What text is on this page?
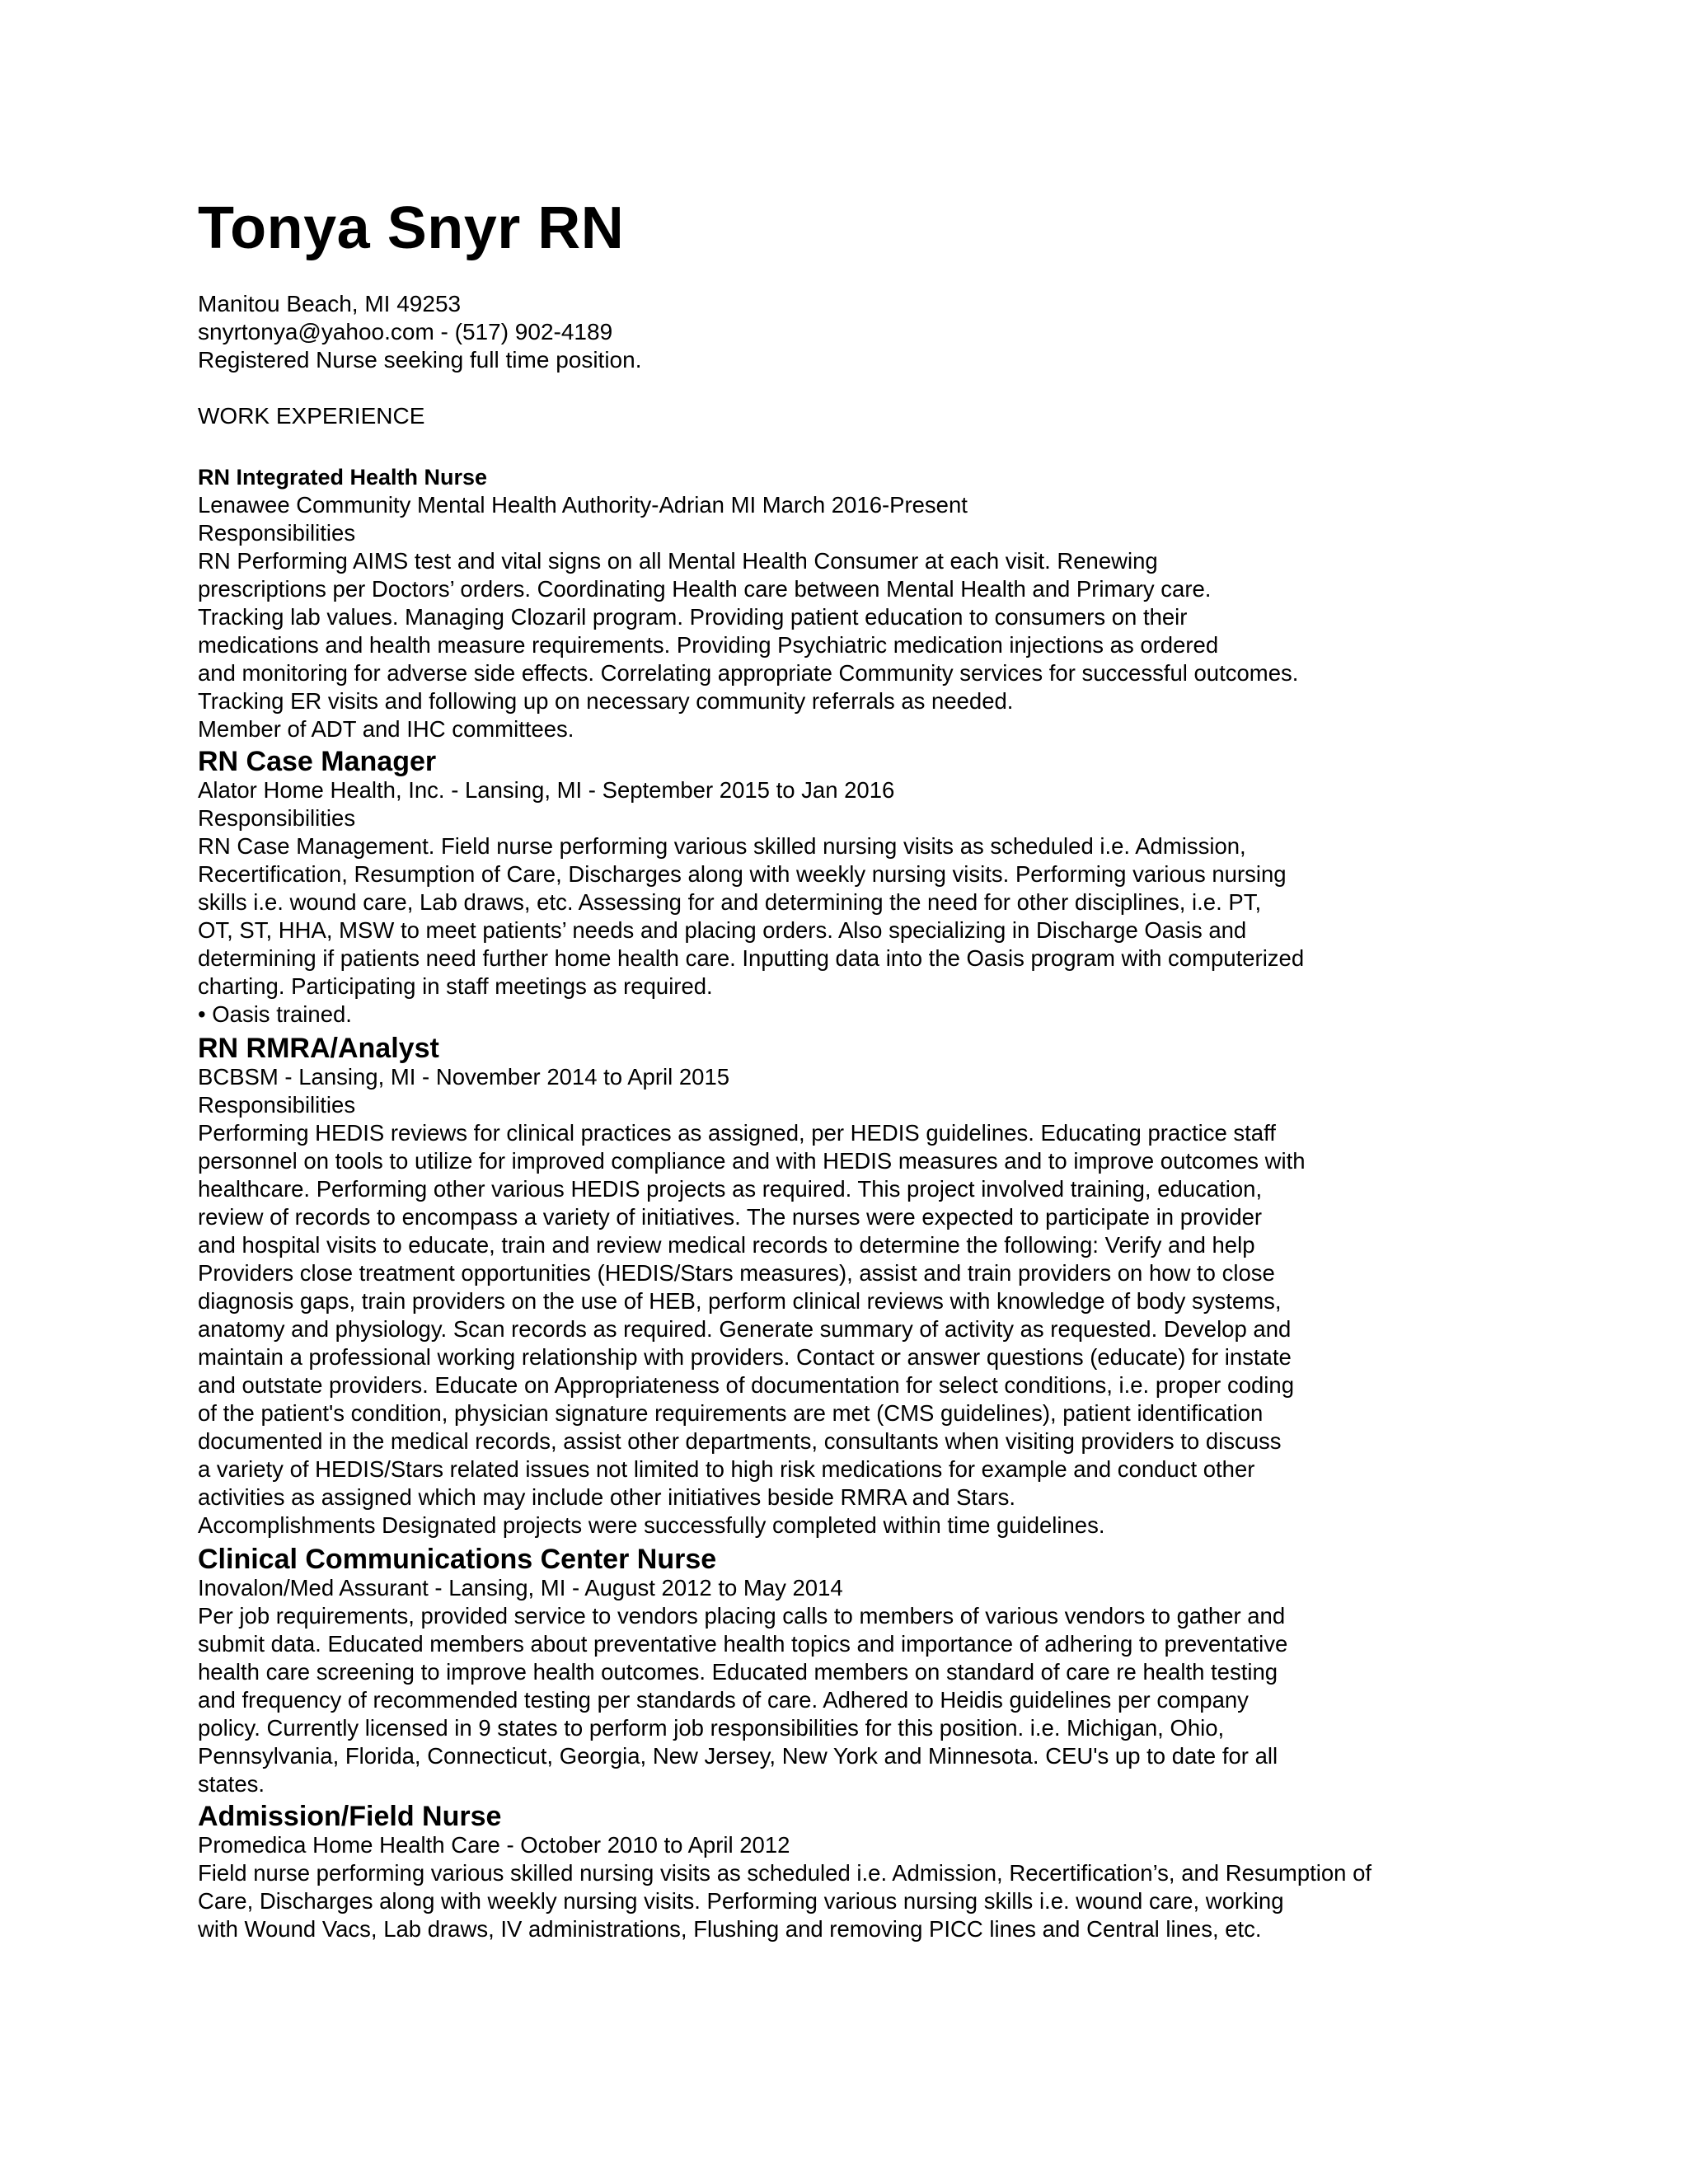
Tonya Snyr RN
Manitou Beach, MI 49253
snyrtonya@yahoo.com - (517) 902-4189
Registered Nurse seeking full time position.
WORK EXPERIENCE
RN Integrated Health Nurse
Lenawee Community Mental Health Authority-Adrian MI March 2016-Present
Responsibilities
RN Performing AIMS test and vital signs on all Mental Health Consumer at each visit. Renewing
prescriptions per Doctors’ orders. Coordinating Health care between Mental Health and Primary care.
Tracking lab values. Managing Clozaril program. Providing patient education to consumers on their
medications and health measure requirements. Providing Psychiatric medication injections as ordered
and monitoring for adverse side effects. Correlating appropriate Community services for successful outcomes.
Tracking ER visits and following up on necessary community referrals as needed.
Member of ADT and IHC committees.
RN Case Manager
Alator Home Health, Inc. - Lansing, MI - September 2015 to Jan 2016
Responsibilities
RN Case Management. Field nurse performing various skilled nursing visits as scheduled i.e. Admission,
Recertification, Resumption of Care, Discharges along with weekly nursing visits. Performing various nursing
skills i.e. wound care, Lab draws, etc. Assessing for and determining the need for other disciplines, i.e. PT,
OT, ST, HHA, MSW to meet patients’ needs and placing orders. Also specializing in Discharge Oasis and
determining if patients need further home health care. Inputting data into the Oasis program with computerized
charting. Participating in staff meetings as required.
• Oasis trained.
RN RMRA/Analyst
BCBSM - Lansing, MI - November 2014 to April 2015
Responsibilities
Performing HEDIS reviews for clinical practices as assigned, per HEDIS guidelines. Educating practice staff
personnel on tools to utilize for improved compliance and with HEDIS measures and to improve outcomes with
healthcare. Performing other various HEDIS projects as required. This project involved training, education,
review of records to encompass a variety of initiatives. The nurses were expected to participate in provider
and hospital visits to educate, train and review medical records to determine the following: Verify and help
Providers close treatment opportunities (HEDIS/Stars measures), assist and train providers on how to close
diagnosis gaps, train providers on the use of HEB, perform clinical reviews with knowledge of body systems,
anatomy and physiology. Scan records as required. Generate summary of activity as requested. Develop and
maintain a professional working relationship with providers. Contact or answer questions (educate) for instate
and outstate providers. Educate on Appropriateness of documentation for select conditions, i.e. proper coding
of the patient's condition, physician signature requirements are met (CMS guidelines), patient identification
documented in the medical records, assist other departments, consultants when visiting providers to discuss
a variety of HEDIS/Stars related issues not limited to high risk medications for example and conduct other
activities as assigned which may include other initiatives beside RMRA and Stars.
Accomplishments Designated projects were successfully completed within time guidelines.
Clinical Communications Center Nurse
Inovalon/Med Assurant - Lansing, MI - August 2012 to May 2014
Per job requirements, provided service to vendors placing calls to members of various vendors to gather and
submit data. Educated members about preventative health topics and importance of adhering to preventative
health care screening to improve health outcomes. Educated members on standard of care re health testing
and frequency of recommended testing per standards of care. Adhered to Heidis guidelines per company
policy. Currently licensed in 9 states to perform job responsibilities for this position. i.e. Michigan, Ohio,
Pennsylvania, Florida, Connecticut, Georgia, New Jersey, New York and Minnesota. CEU's up to date for all
states.
Admission/Field Nurse
Promedica Home Health Care - October 2010 to April 2012
Field nurse performing various skilled nursing visits as scheduled i.e. Admission, Recertification’s, and Resumption of
Care, Discharges along with weekly nursing visits. Performing various nursing skills i.e. wound care, working
with Wound Vacs, Lab draws, IV administrations, Flushing and removing PICC lines and Central lines, etc.
